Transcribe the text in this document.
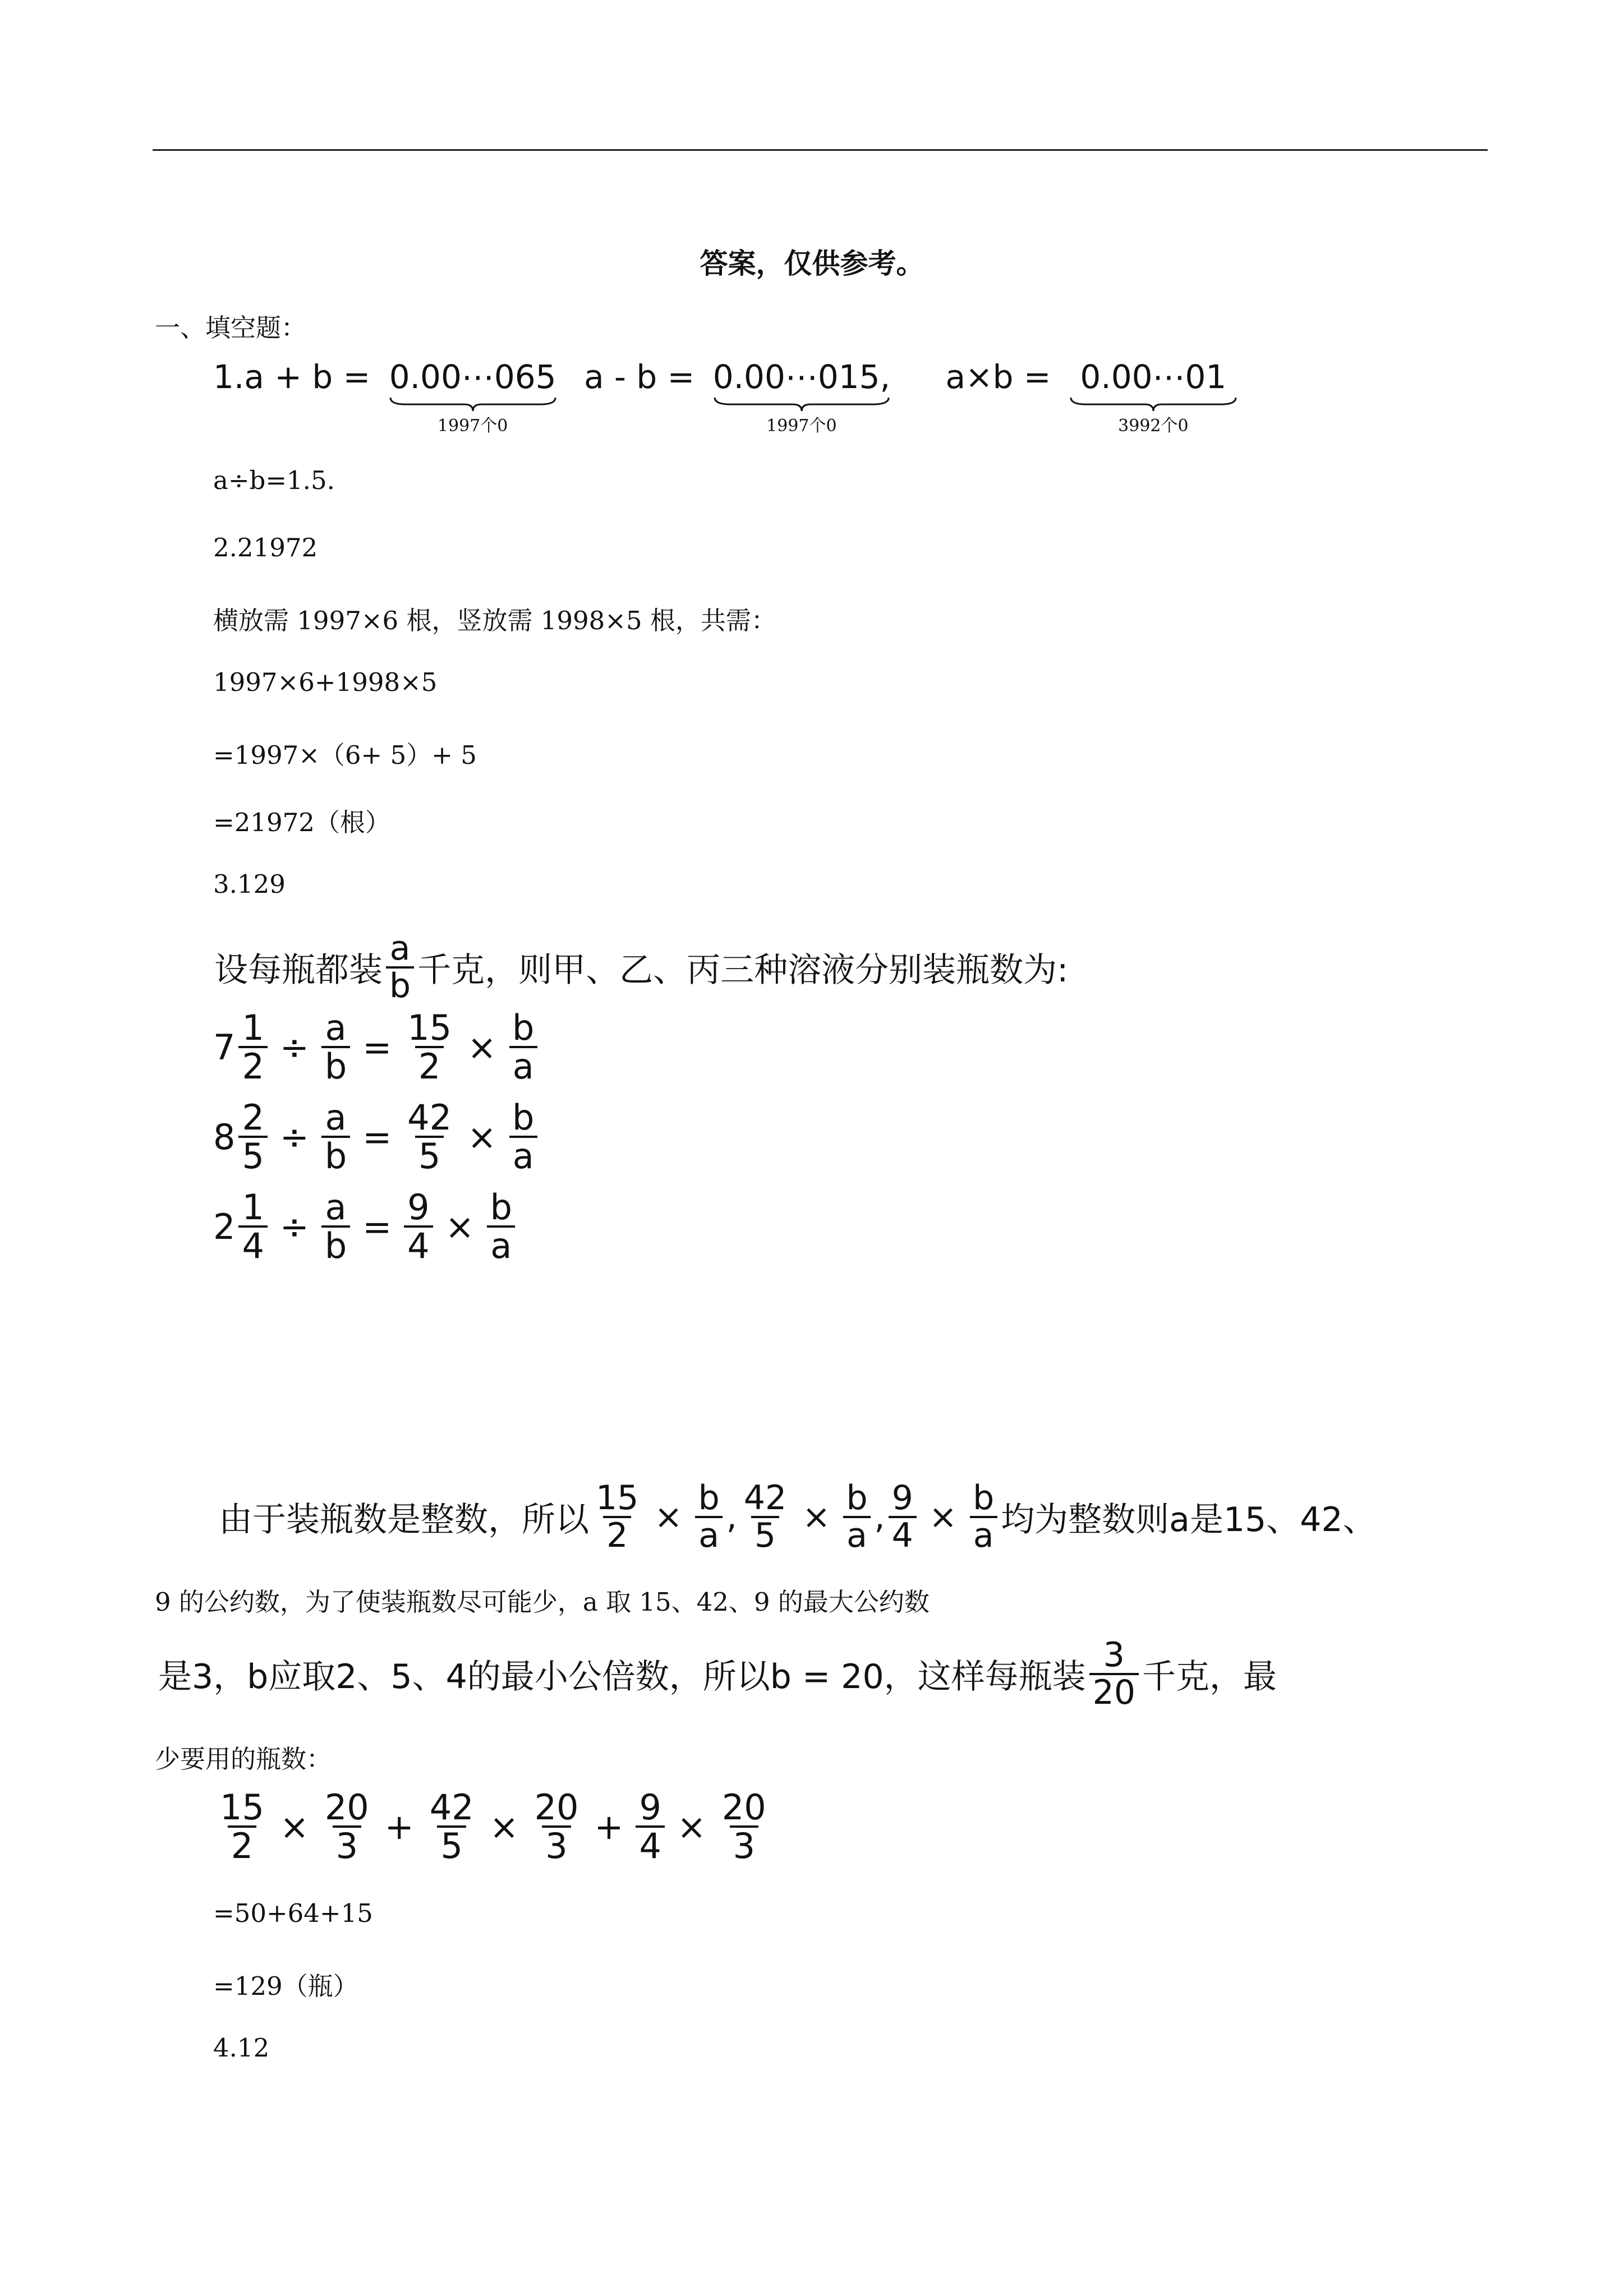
答案，仅供参考。
一、填空题：
1.a + b = 0.00⋯065
1997个0
a - b = 0.00⋯015,
1997个0
a×b = 0.00⋯01
3992个0
a÷b=1.5.
2.21972
横放需 1997×6 根，竖放需 1998×5 根，共需：
1997×6+1998×5
=1997×（6+ 5）+ 5
=21972（根）
3.129
设每瓶都装 $\frac{a}{b}$ 千克，则甲、乙、丙三种溶液分别装瓶数为:
$7 \frac{1}{2} \div \frac{a}{b} = \frac{15}{2} \times \frac{b}{a}$
$8 \frac{2}{5} \div \frac{a}{b} = \frac{42}{5} \times \frac{b}{a}$
$2 \frac{1}{4} \div \frac{a}{b} = \frac{9}{4} \times \frac{b}{a}$
由于装瓶数是整数，所以 $\frac{15}{2} \times \frac{b}{a}$ , $\frac{42}{5} \times \frac{b}{a}$ , $\frac{9}{4} \times \frac{b}{a}$ 均为整数则a是15、42、
9 的公约数，为了使装瓶数尽可能少，a 取 15、42、9 的最大公约数
是3，b应取2、5、4的最小公倍数，所以b = 20，这样每瓶装 $\frac{3}{20}$ 千克，最
少要用的瓶数：
$\frac{15}{2} \times \frac{20}{3} + \frac{42}{5} \times \frac{20}{3} + \frac{9}{4} \times \frac{20}{3}$
=50+64+15
=129（瓶）
4.12
